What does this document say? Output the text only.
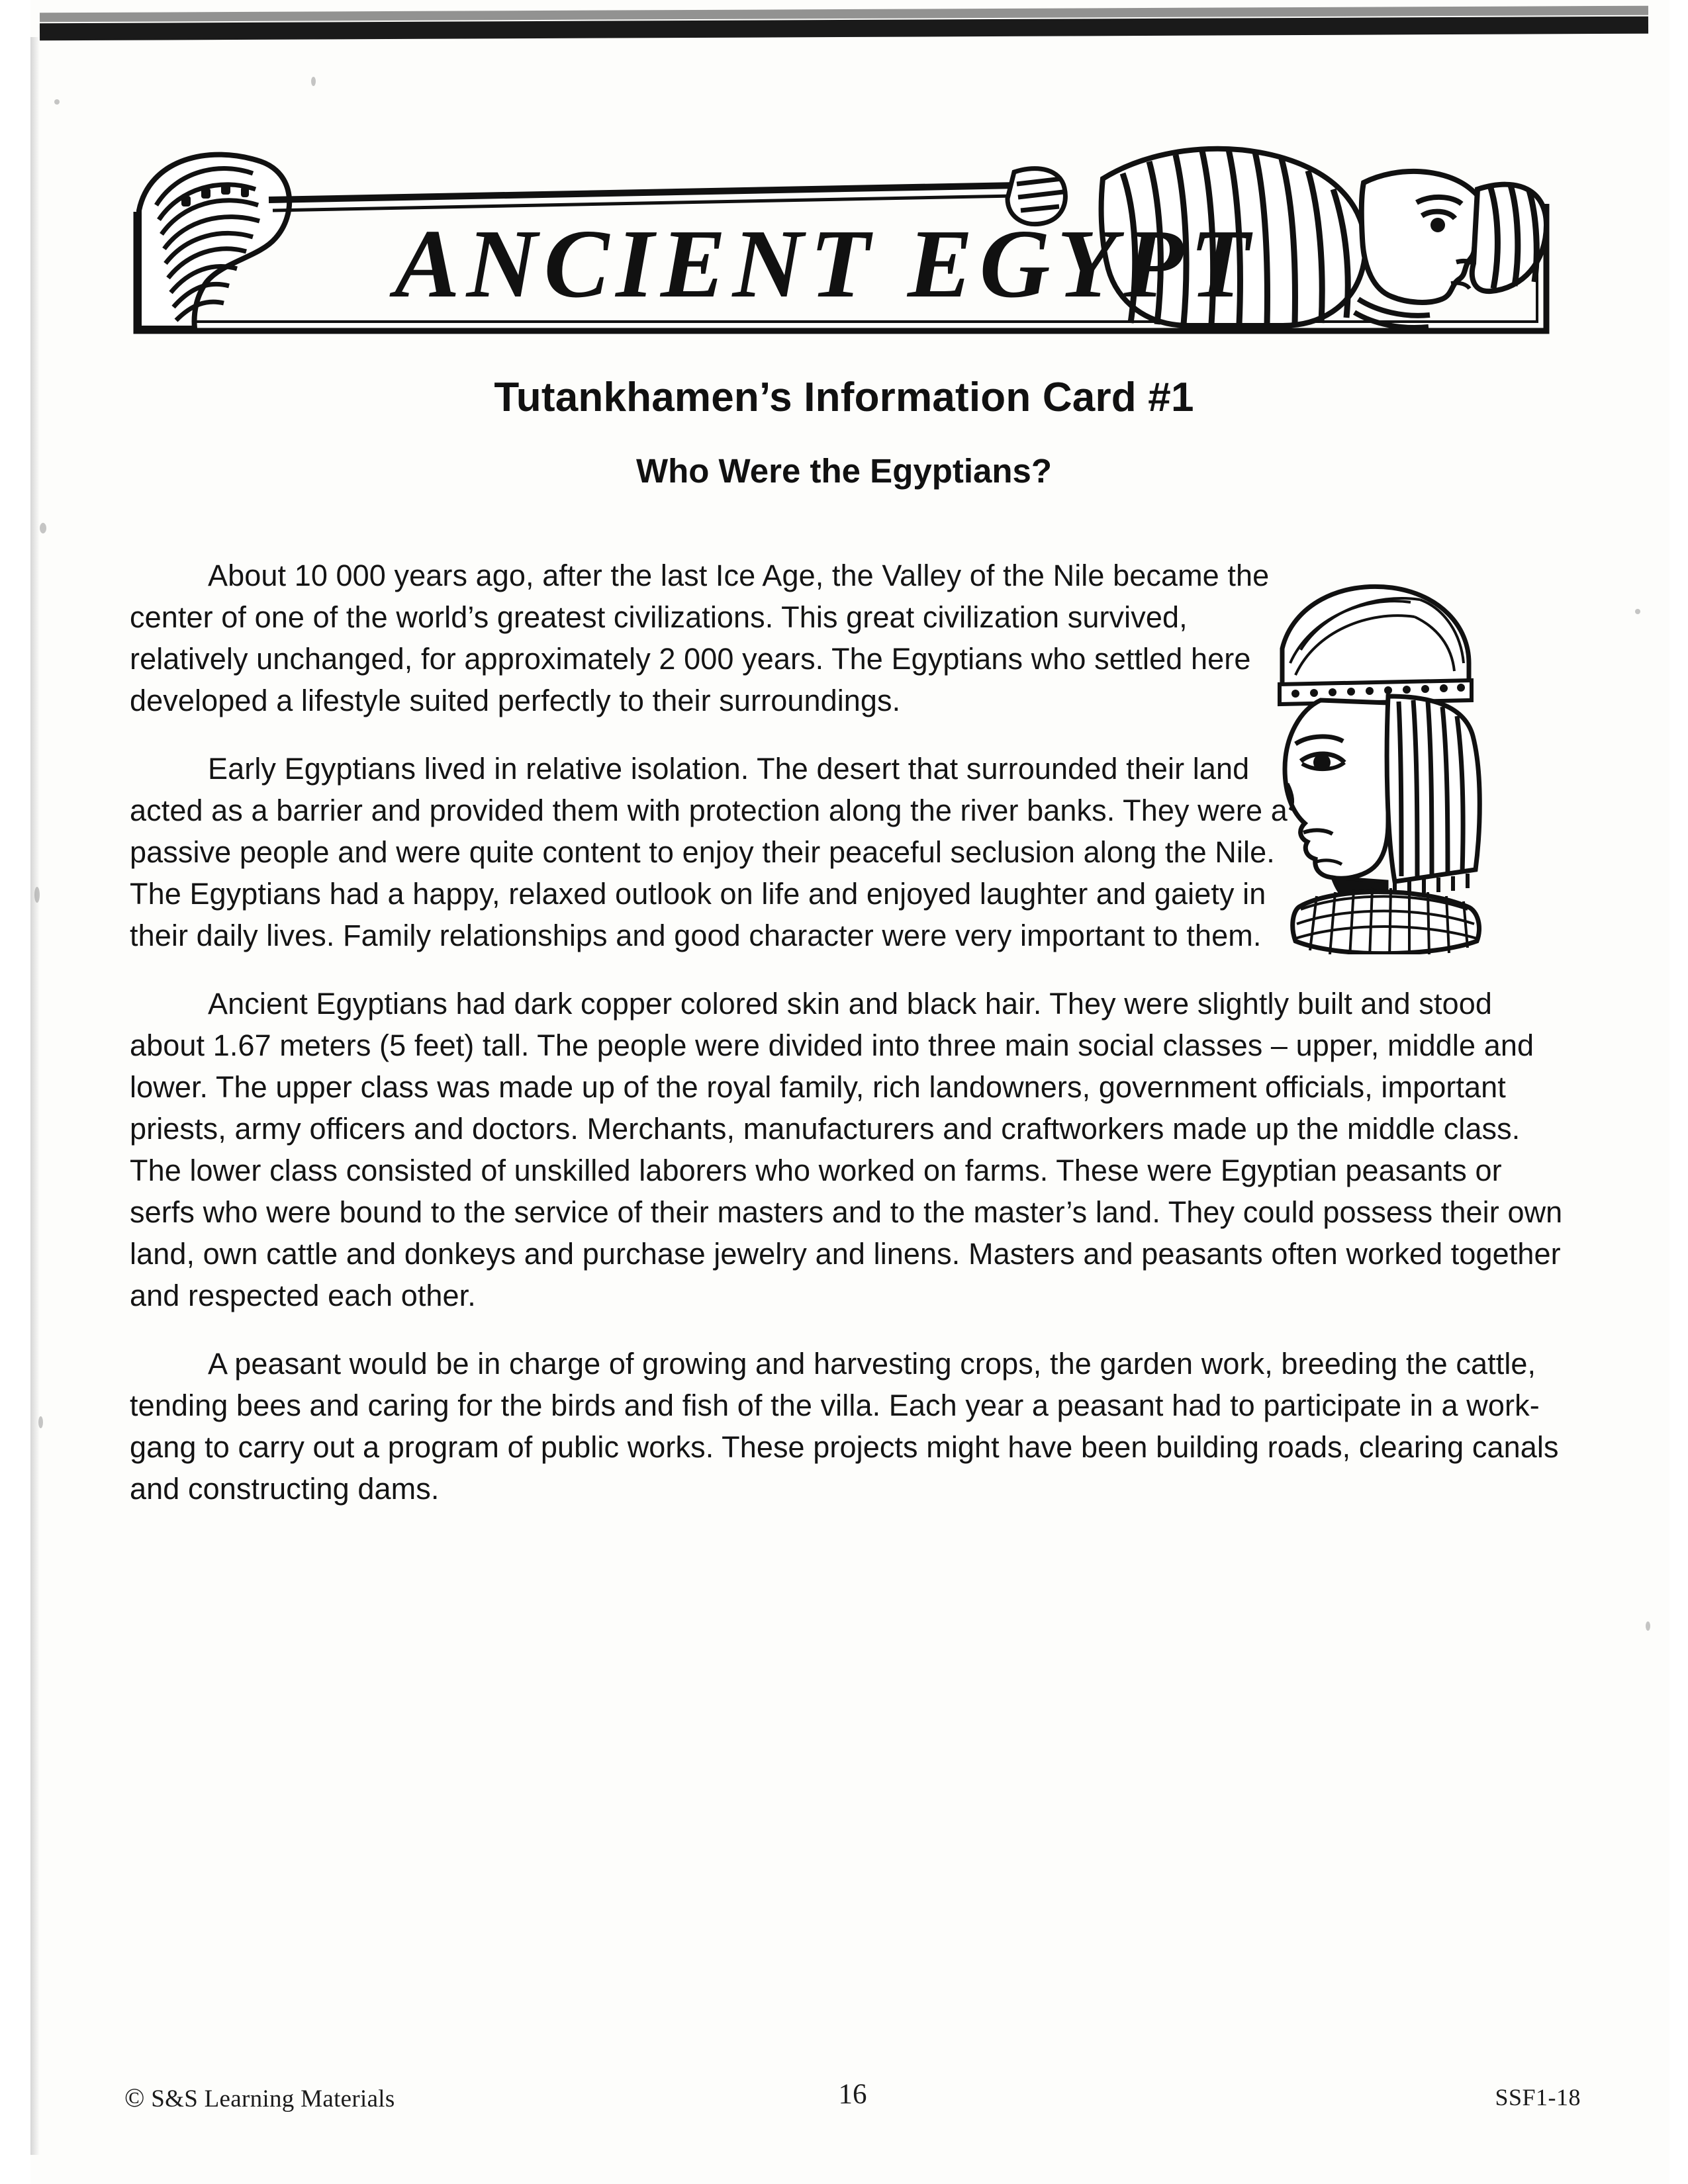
ANCIENT EGYPT
Tutankhamen’s Information Card #1
Who Were the Egyptians?

About 10 000 years ago, after the last Ice Age, the Valley of the Nile became the center of one of the world’s greatest civilizations. This great civilization survived, relatively unchanged, for approximately 2 000 years. The Egyptians who settled here developed a lifestyle suited perfectly to their surroundings.

Early Egyptians lived in relative isolation. The desert that surrounded their land acted as a barrier and provided them with protection along the river banks. They were a passive people and were quite content to enjoy their peaceful seclusion along the Nile. The Egyptians had a happy, relaxed outlook on life and enjoyed laughter and gaiety in their daily lives. Family relationships and good character were very important to them.

Ancient Egyptians had dark copper colored skin and black hair. They were slightly built and stood about 1.67 meters (5 feet) tall. The people were divided into three main social classes – upper, middle and lower. The upper class was made up of the royal family, rich landowners, government officials, important priests, army officers and doctors. Merchants, manufacturers and craftworkers made up the middle class. The lower class consisted of unskilled laborers who worked on farms. These were Egyptian peasants or serfs who were bound to the service of their masters and to the master’s land. They could possess their own land, own cattle and donkeys and purchase jewelry and linens. Masters and peasants often worked together and respected each other.

A peasant would be in charge of growing and harvesting crops, the garden work, breeding the cattle, tending bees and caring for the birds and fish of the villa. Each year a peasant had to participate in a work-gang to carry out a program of public works. These projects might have been building roads, clearing canals and constructing dams.

© S&S Learning Materials	16	SSF1-18
